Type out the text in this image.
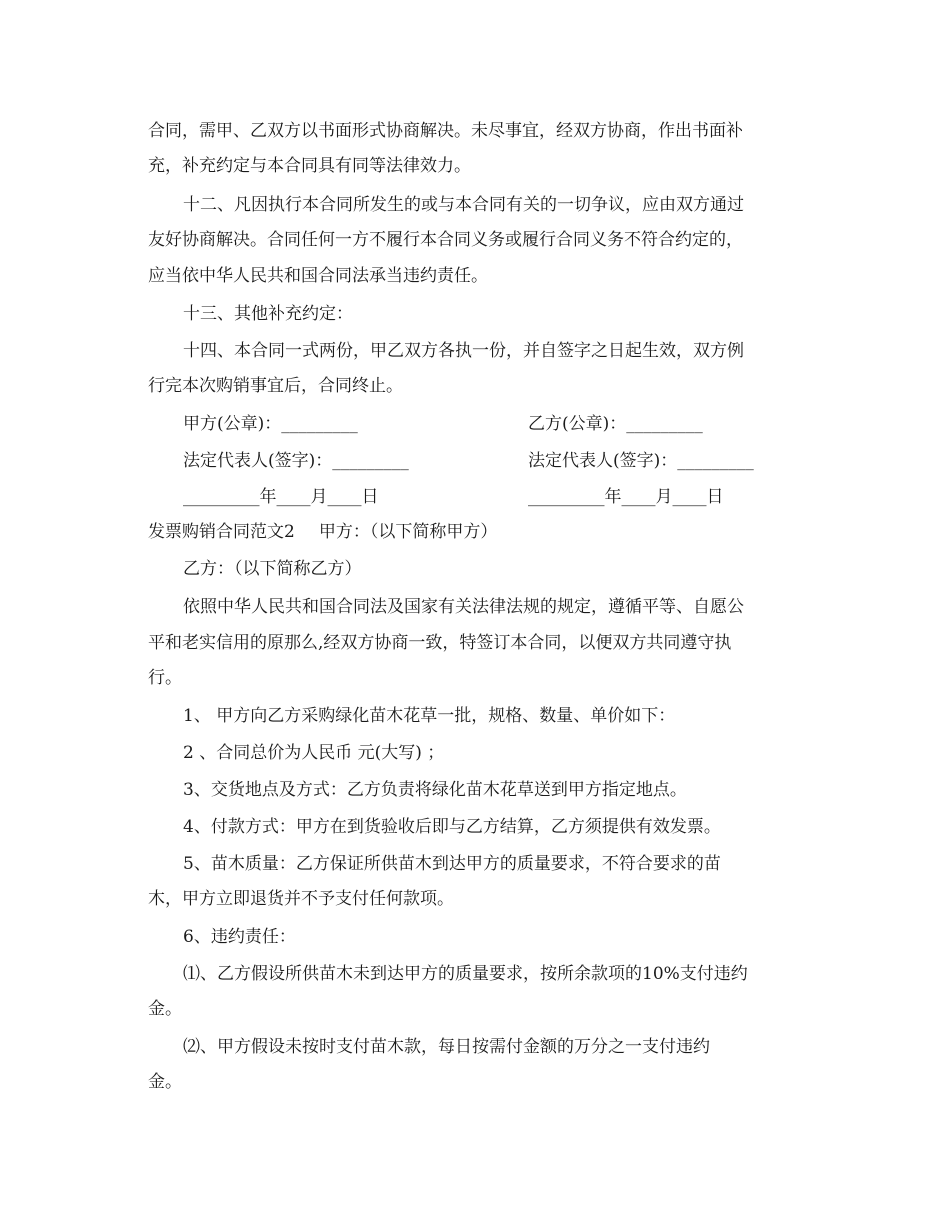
合同，需甲、乙双方以书面形式协商解决。未尽事宜，经双方协商，作出书面补
充，补充约定与本合同具有同等法律效力。
十二、凡因执行本合同所发生的或与本合同有关的一切争议，应由双方通过
友好协商解决。合同任何一方不履行本合同义务或履行合同义务不符合约定的，
应当依中华人民共和国合同法承当违约责任。
十三、其他补充约定：
十四、本合同一式两份，甲乙双方各执一份，并自签字之日起生效，双方例
行完本次购销事宜后，合同终止。
甲方(公章)：_________	乙方(公章)：_________
法定代表人(签字)：_________	法定代表人(签字)：_________
_________年____月____日	_________年____月____日
发票购销合同范文2 甲方：（以下简称甲方）
乙方：（以下简称乙方）
依照中华人民共和国合同法及国家有关法律法规的规定，遵循平等、自愿公
平和老实信用的原那么,经双方协商一致，特签订本合同，以便双方共同遵守执
行。
1、 甲方向乙方采购绿化苗木花草一批，规格、数量、单价如下：
2 、合同总价为人民币 元(大写) ；
3、交货地点及方式：乙方负责将绿化苗木花草送到甲方指定地点。
4、付款方式：甲方在到货验收后即与乙方结算，乙方须提供有效发票。
5、苗木质量：乙方保证所供苗木到达甲方的质量要求，不符合要求的苗
木，甲方立即退货并不予支付任何款项。
6、违约责任：
⑴、乙方假设所供苗木未到达甲方的质量要求，按所余款项的10%支付违约
金。
⑵、甲方假设未按时支付苗木款，每日按需付金额的万分之一支付违约
金。
